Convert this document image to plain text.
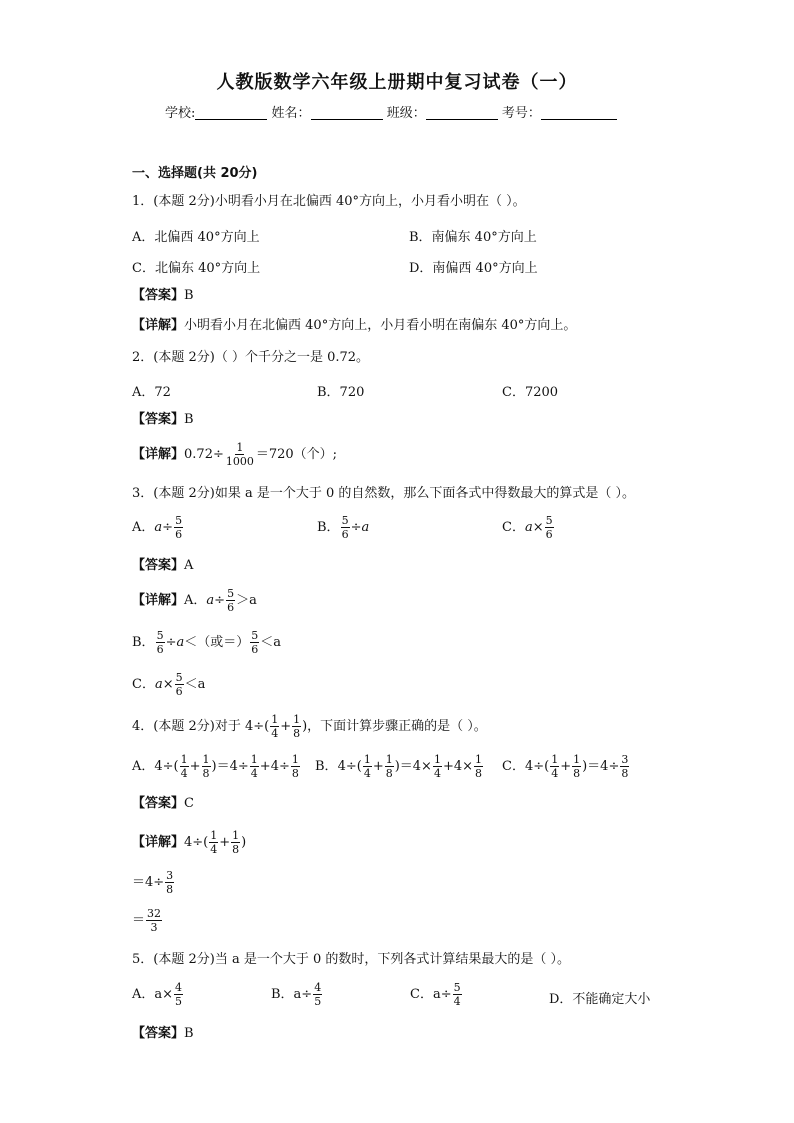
人教版数学六年级上册期中复习试卷（一）
学校:	姓名：	班级：	考号：
一、选择题(共 20分)
1．(本题 2分)小明看小月在北偏西 40°方向上，小月看小明在（ ）。
A．北偏西 40°方向上	B．南偏东 40°方向上
C．北偏东 40°方向上	D．南偏西 40°方向上
【答案】B
【详解】小明看小月在北偏西 40°方向上，小月看小明在南偏东 40°方向上。
2．(本题 2分)（ ）个千分之一是 0.72。
A．72	B．720	C．7200
【答案】B
【详解】$0.72\div \frac{1}{1000} =720$（个）;
3．(本题 2分)如果 a 是一个大于 0 的自然数，那么下面各式中得数最大的算式是（ ）。
A．$a\div \frac{5}{6}$	B． $\frac{5}{6} \div a$	C．$a\times \frac{5}{6}$
【答案】A
【详解】A．$a\div \frac{5}{6} >a$
B． $\frac{5}{6} \div a<$（或＝） $\frac{5}{6} <a$
C．$a\times \frac{5}{6} <a$
4．(本题 2分)对于 $4\div( \frac{1}{4} + \frac{1}{8}$ )，下面计算步骤正确的是（ ）。
A．$4\div( \frac{1}{4} + \frac{1}{8} )=4\div \frac{1}{4} +4\div \frac{1}{8}$ B．$4\div( \frac{1}{4} + \frac{1}{8} )=4\times \frac{1}{4} +4\times \frac{1}{8}$ C．$4\div( \frac{1}{4} + \frac{1}{8} )=4\div \frac{3}{8}$
【答案】C
【详解】$4\div( \frac{1}{4} + \frac{1}{8}$ )
$=4\div \frac{3}{8}$
＝ $\frac{32}{3}$
5．(本题 2分)当 a 是一个大于 0 的数时，下列各式计算结果最大的是（ ）。
A．$a\times \frac{4}{5}$	B．$a\div \frac{4}{5}$	C．$a\div \frac{5}{4}$	D．不能确定大小
【答案】B
